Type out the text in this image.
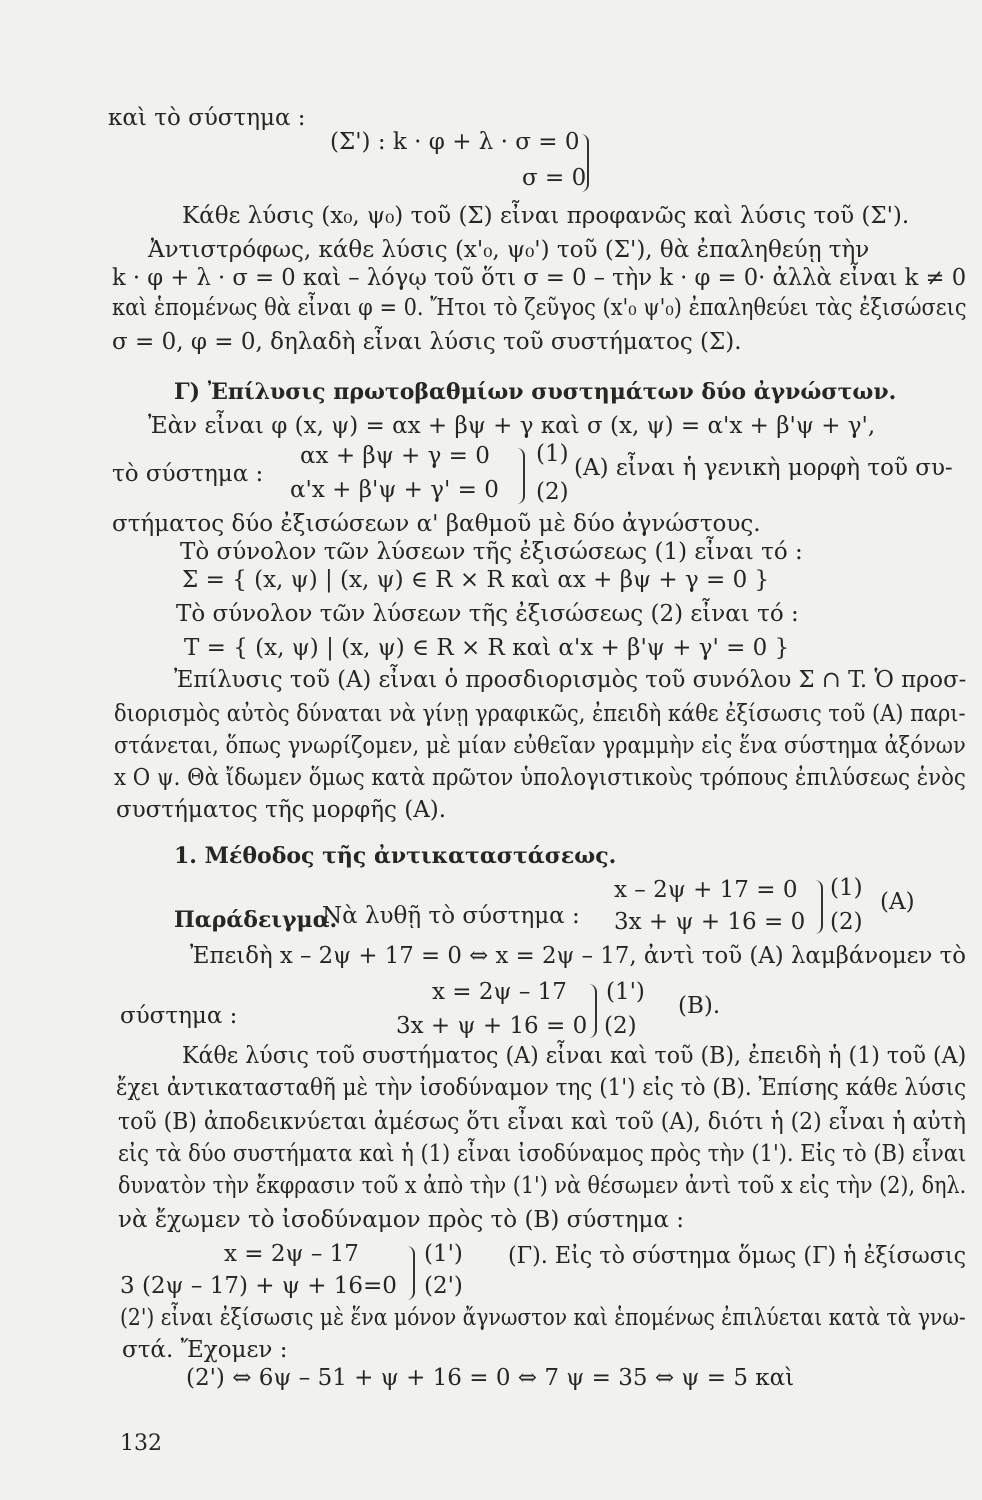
καὶ τὸ σύστημα :
(Σ') : k · φ + λ · σ = 0
σ = 0
Κάθε λύσις (x₀, ψ₀) τοῦ (Σ) εἶναι προφανῶς καὶ λύσις τοῦ (Σ').
Ἀντιστρόφως, κάθε λύσις (x'₀, ψ₀') τοῦ (Σ'), θὰ ἐπαληθεύῃ τὴν
k · φ + λ · σ = 0 καὶ – λόγῳ τοῦ ὅτι σ = 0 – τὴν k · φ = 0· ἀλλὰ εἶναι k ≠ 0
καὶ ἑπομένως θὰ εἶναι φ = 0. Ἤτοι τὸ ζεῦγος (x'₀ ψ'₀) ἐπαληθεύει τὰς ἐξισώσεις
σ = 0, φ = 0, δηλαδὴ εἶναι λύσις τοῦ συστήματος (Σ).
Γ) Ἐπίλυσις πρωτοβαθμίων συστημάτων δύο ἀγνώστων.
Ἐὰν εἶναι φ (x, ψ) = αx + βψ + γ καὶ σ (x, ψ) = α'x + β'ψ + γ',
τὸ σύστημα :
αx + βψ + γ = 0
α'x + β'ψ + γ' = 0
(1)
(2)
(Α) εἶναι ἡ γενικὴ μορφὴ τοῦ συ-
στήματος δύο ἐξισώσεων α' βαθμοῦ μὲ δύο ἀγνώστους.
Τὸ σύνολον τῶν λύσεων τῆς ἐξισώσεως (1) εἶναι τό :
Σ = { (x, ψ) | (x, ψ) ∈ R × R καὶ αx + βψ + γ = 0 }
Τὸ σύνολον τῶν λύσεων τῆς ἐξισώσεως (2) εἶναι τό :
T = { (x, ψ) | (x, ψ) ∈ R × R καὶ α'x + β'ψ + γ' = 0 }
Ἐπίλυσις τοῦ (Α) εἶναι ὁ προσδιορισμὸς τοῦ συνόλου Σ ∩ T. Ὁ προσ-
διορισμὸς αὐτὸς δύναται νὰ γίνῃ γραφικῶς, ἐπειδὴ κάθε ἐξίσωσις τοῦ (Α) παρι-
στάνεται, ὅπως γνωρίζομεν, μὲ μίαν εὐθεῖαν γραμμὴν εἰς ἕνα σύστημα ἀξόνων
x O ψ. Θὰ ἴδωμεν ὅμως κατὰ πρῶτον ὑπολογιστικοὺς τρόπους ἐπιλύσεως ἑνὸς
συστήματος τῆς μορφῆς (Α).
1. Μέθοδος τῆς ἀντικαταστάσεως.
Παράδειγμα.
Νὰ λυθῇ τὸ σύστημα :
x – 2ψ + 17 = 0
3x + ψ + 16 = 0
(1)
(2)
(Α)
Ἐπειδὴ x – 2ψ + 17 = 0 ⇔ x = 2ψ – 17, ἀντὶ τοῦ (Α) λαμβάνομεν τὸ
σύστημα :
x = 2ψ – 17
3x + ψ + 16 = 0
(1')
(2)
(Β).
Κάθε λύσις τοῦ συστήματος (Α) εἶναι καὶ τοῦ (Β), ἐπειδὴ ἡ (1) τοῦ (Α)
ἔχει ἀντικατασταθῆ μὲ τὴν ἰσοδύναμον της (1') εἰς τὸ (Β). Ἐπίσης κάθε λύσις
τοῦ (Β) ἀποδεικνύεται ἀμέσως ὅτι εἶναι καὶ τοῦ (Α), διότι ἡ (2) εἶναι ἡ αὐτὴ
εἰς τὰ δύο συστήματα καὶ ἡ (1) εἶναι ἰσοδύναμος πρὸς τὴν (1'). Εἰς τὸ (Β) εἶναι
δυνατὸν τὴν ἔκφρασιν τοῦ x ἀπὸ τὴν (1') νὰ θέσωμεν ἀντὶ τοῦ x εἰς τὴν (2), δηλ.
νὰ ἔχωμεν τὸ ἰσοδύναμον πρὸς τὸ (Β) σύστημα :
x = 2ψ – 17
3 (2ψ – 17) + ψ + 16=0
(1')
(2')
(Γ). Εἰς τὸ σύστημα ὅμως (Γ) ἡ ἐξίσωσις
(2') εἶναι ἐξίσωσις μὲ ἕνα μόνον ἄγνωστον καὶ ἑπομένως ἐπιλύεται κατὰ τὰ γνω-
στά. Ἔχομεν :
(2') ⇔ 6ψ – 51 + ψ + 16 = 0 ⇔ 7 ψ = 35 ⇔ ψ = 5 καὶ
132
